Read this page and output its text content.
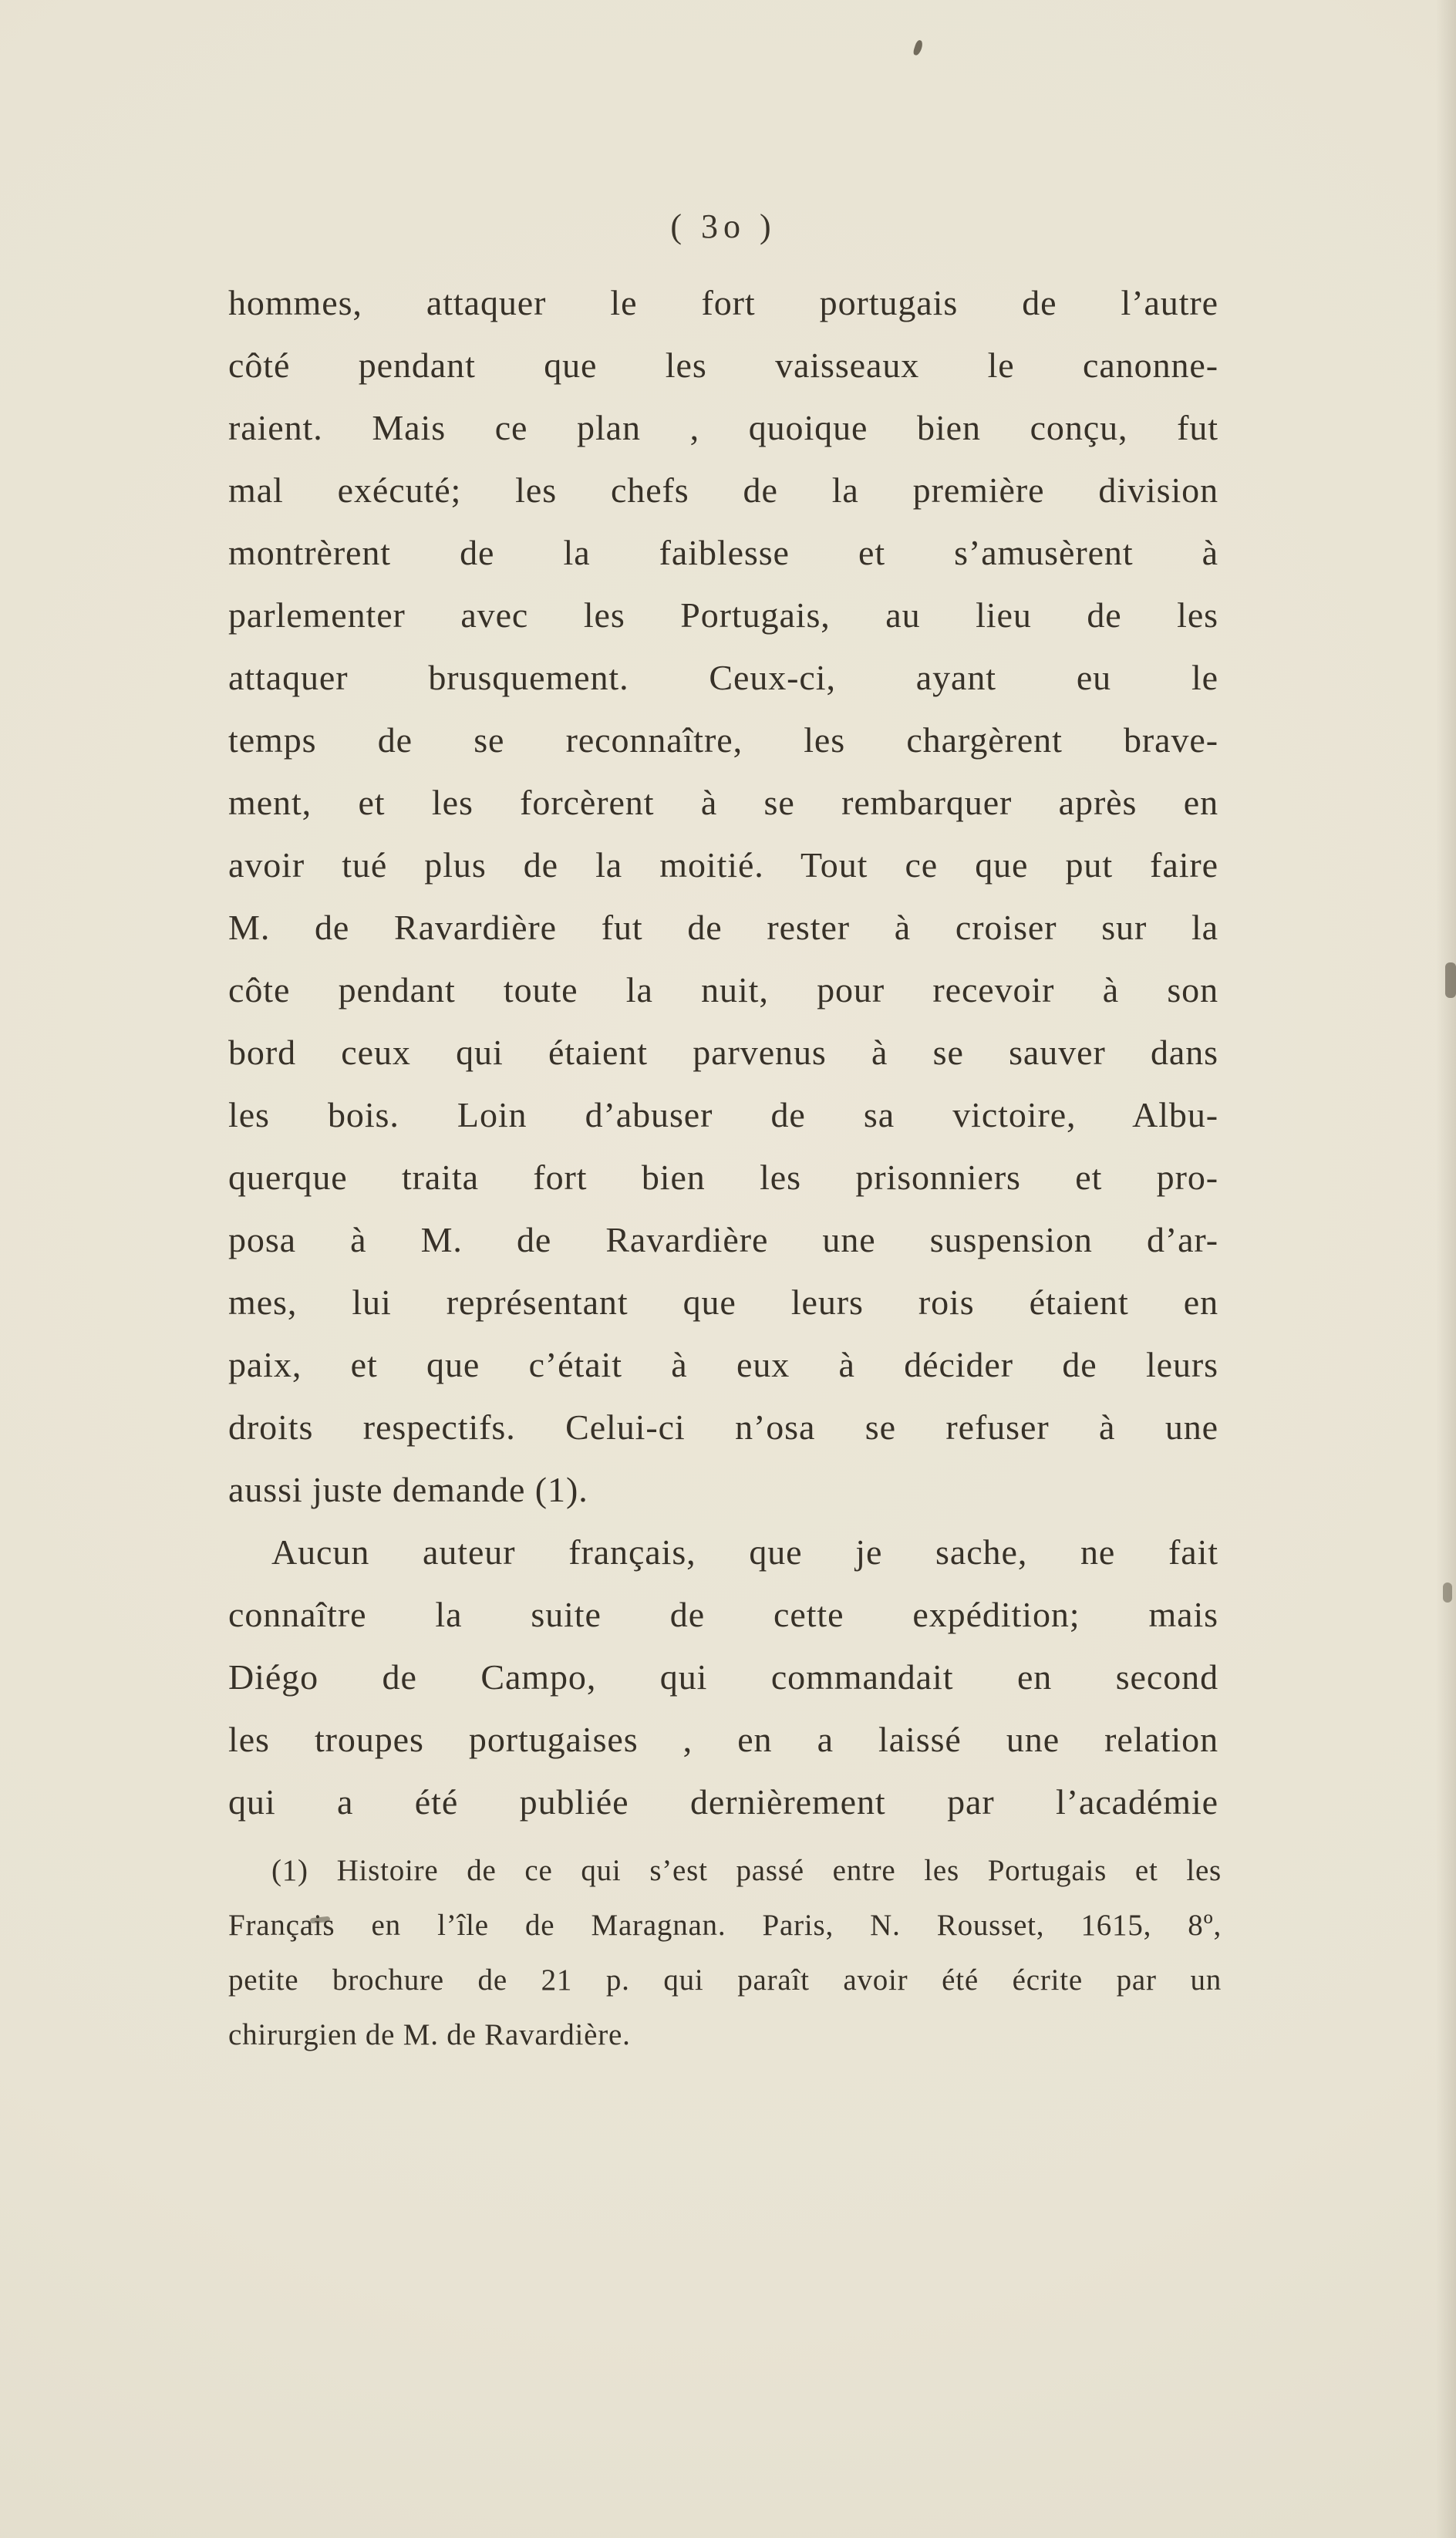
( 3o )
hommes, attaquer le fort portugais de l’autre
côté pendant que les vaisseaux le canonne-
raient. Mais ce plan , quoique bien conçu, fut
mal exécuté; les chefs de la première division
montrèrent de la faiblesse et s’amusèrent à
parlementer avec les Portugais, au lieu de les
attaquer brusquement. Ceux-ci, ayant eu le
temps de se reconnaître, les chargèrent brave-
ment, et les forcèrent à se rembarquer après en
avoir tué plus de la moitié. Tout ce que put faire
M. de Ravardière fut de rester à croiser sur la
côte pendant toute la nuit, pour recevoir à son
bord ceux qui étaient parvenus à se sauver dans
les bois. Loin d’abuser de sa victoire, Albu-
querque traita fort bien les prisonniers et pro-
posa à M. de Ravardière une suspension d’ar-
mes, lui représentant que leurs rois étaient en
paix, et que c’était à eux à décider de leurs
droits respectifs. Celui-ci n’osa se refuser à une
aussi juste demande (1).
Aucun auteur français, que je sache, ne fait
connaître la suite de cette expédition; mais
Diégo de Campo, qui commandait en second
les troupes portugaises , en a laissé une relation
qui a été publiée dernièrement par l’académie
(1) Histoire de ce qui s’est passé entre les Portugais et les
Français en l’île de Maragnan. Paris, N. Rousset, 1615, 8º,
petite brochure de 21 p. qui paraît avoir été écrite par un
chirurgien de M. de Ravardière.
